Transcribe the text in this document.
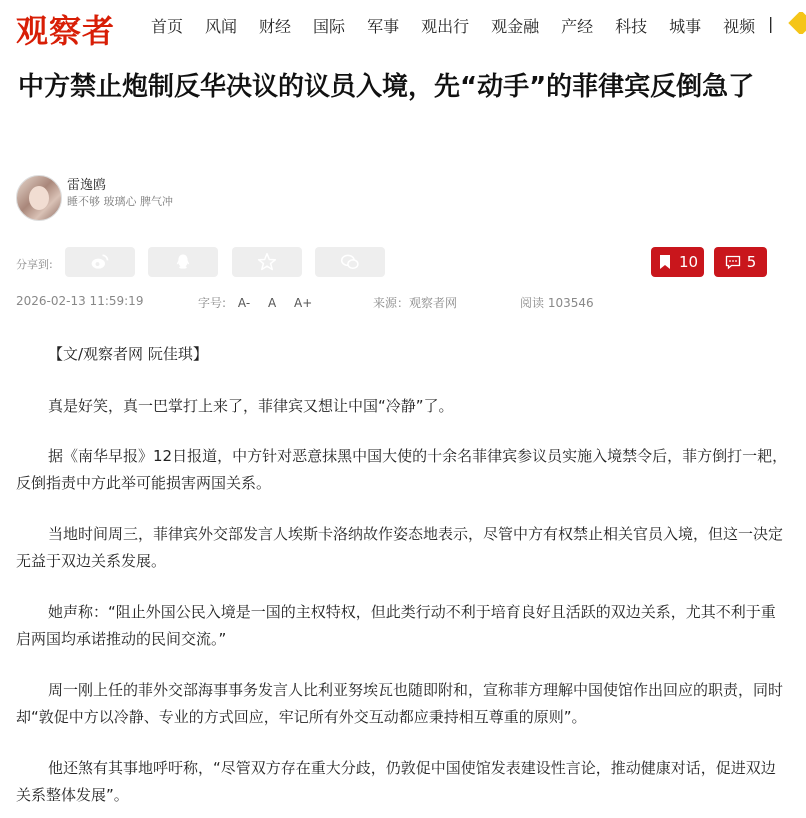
观察者 首页 风闻 财经 国际 军事 观出行 观金融 产经 科技 城事 视频 |
中方禁止炮制反华决议的议员入境，先“动手”的菲律宾反倒急了
雷逸鸥
睡不够 玻璃心 脾气冲
分享到:	10	5
2026-02-13 11:59:19	字号: A- A A+	来源：观察者网	阅读 103546

【文/观察者网 阮佳琪】

真是好笑，真一巴掌打上来了，菲律宾又想让中国“冷静”了。

据《南华早报》12日报道，中方针对恶意抹黑中国大使的十余名菲律宾参议员实施入境禁令后，菲方倒打一耙，反倒指责中方此举可能损害两国关系。

当地时间周三，菲律宾外交部发言人埃斯卡洛纳故作姿态地表示，尽管中方有权禁止相关官员入境，但这一决定无益于双边关系发展。

她声称：“阻止外国公民入境是一国的主权特权，但此类行动不利于培育良好且活跃的双边关系，尤其不利于重启两国均承诺推动的民间交流。”

周一刚上任的菲外交部海事事务发言人比利亚努埃瓦也随即附和，宣称菲方理解中国使馆作出回应的职责，同时却“敦促中方以冷静、专业的方式回应，牢记所有外交互动都应秉持相互尊重的原则”。

他还煞有其事地呼吁称，“尽管双方存在重大分歧，仍敦促中国使馆发表建设性言论，推动健康对话，促进双边关系整体发展”。
